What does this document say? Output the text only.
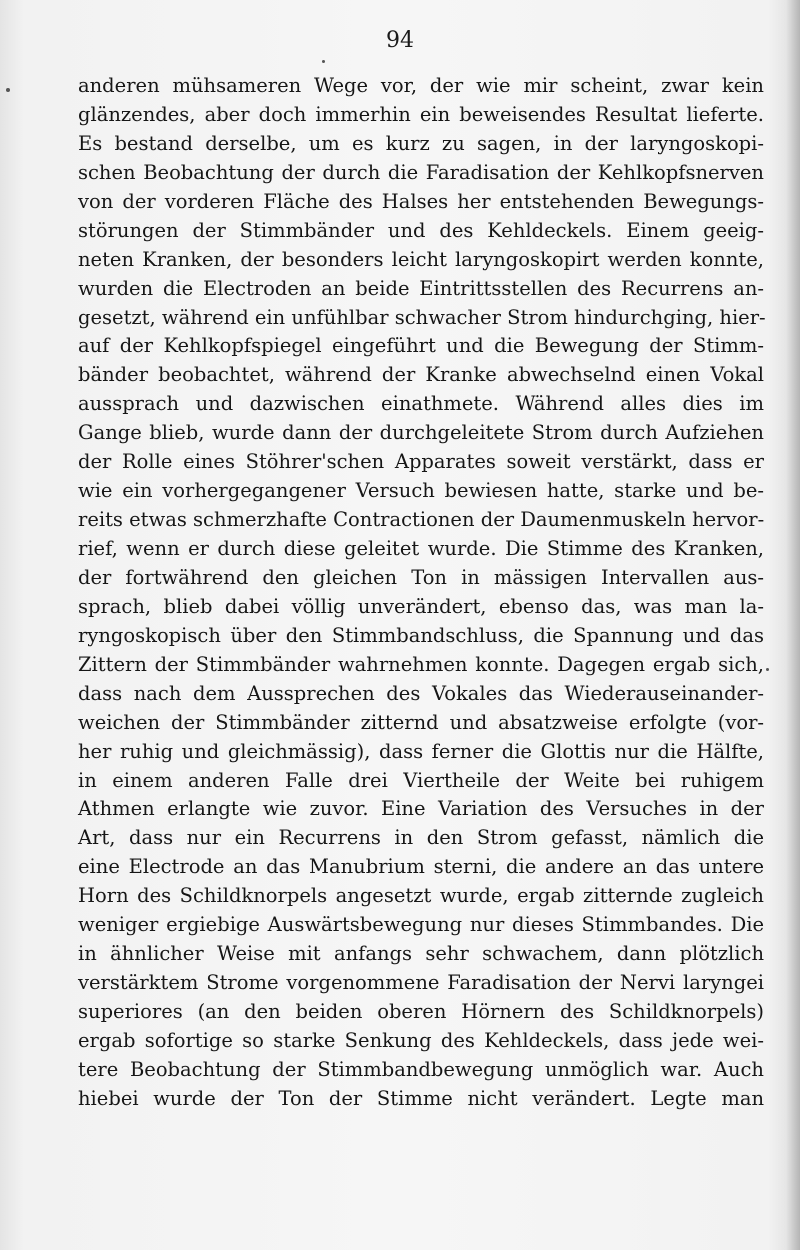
94
anderen mühsameren Wege vor, der wie mir scheint, zwar kein
glänzendes, aber doch immerhin ein beweisendes Resultat lieferte.
Es bestand derselbe, um es kurz zu sagen, in der laryngoskopi-
schen Beobachtung der durch die Faradisation der Kehlkopfsnerven
von der vorderen Fläche des Halses her entstehenden Bewegungs-
störungen der Stimmbänder und des Kehldeckels. Einem geeig-
neten Kranken, der besonders leicht laryngoskopirt werden konnte,
wurden die Electroden an beide Eintrittsstellen des Recurrens an-
gesetzt, während ein unfühlbar schwacher Strom hindurchging, hier-
auf der Kehlkopfspiegel eingeführt und die Bewegung der Stimm-
bänder beobachtet, während der Kranke abwechselnd einen Vokal
aussprach und dazwischen einathmete. Während alles dies im
Gange blieb, wurde dann der durchgeleitete Strom durch Aufziehen
der Rolle eines Stöhrer'schen Apparates soweit verstärkt, dass er
wie ein vorhergegangener Versuch bewiesen hatte, starke und be-
reits etwas schmerzhafte Contractionen der Daumenmuskeln hervor-
rief, wenn er durch diese geleitet wurde. Die Stimme des Kranken,
der fortwährend den gleichen Ton in mässigen Intervallen aus-
sprach, blieb dabei völlig unverändert, ebenso das, was man la-
ryngoskopisch über den Stimmbandschluss, die Spannung und das
Zittern der Stimmbänder wahrnehmen konnte. Dagegen ergab sich,
dass nach dem Aussprechen des Vokales das Wiederauseinander-
weichen der Stimmbänder zitternd und absatzweise erfolgte (vor-
her ruhig und gleichmässig), dass ferner die Glottis nur die Hälfte,
in einem anderen Falle drei Viertheile der Weite bei ruhigem
Athmen erlangte wie zuvor. Eine Variation des Versuches in der
Art, dass nur ein Recurrens in den Strom gefasst, nämlich die
eine Electrode an das Manubrium sterni, die andere an das untere
Horn des Schildknorpels angesetzt wurde, ergab zitternde zugleich
weniger ergiebige Auswärtsbewegung nur dieses Stimmbandes. Die
in ähnlicher Weise mit anfangs sehr schwachem, dann plötzlich
verstärktem Strome vorgenommene Faradisation der Nervi laryngei
superiores (an den beiden oberen Hörnern des Schildknorpels)
ergab sofortige so starke Senkung des Kehldeckels, dass jede wei-
tere Beobachtung der Stimmbandbewegung unmöglich war. Auch
hiebei wurde der Ton der Stimme nicht verändert. Legte man
